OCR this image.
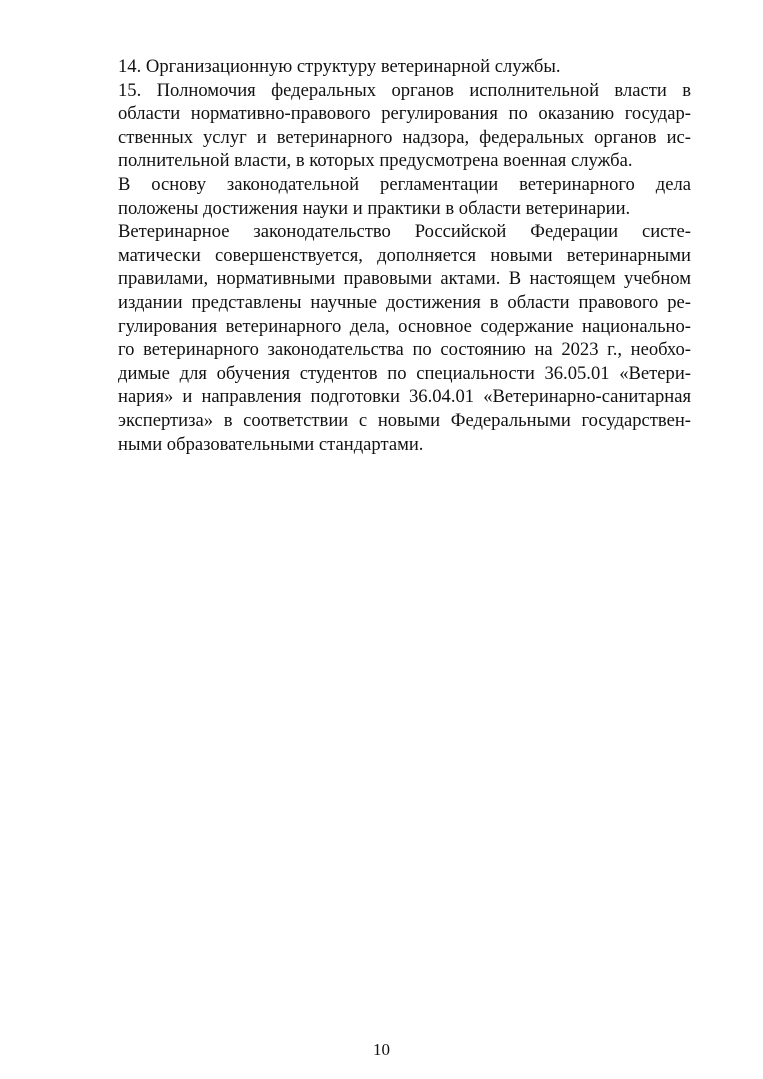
14. Организационную структуру ветеринарной службы.
15. Полномочия федеральных органов исполнительной власти в
области нормативно-правового регулирования по оказанию государ-
ственных услуг и ветеринарного надзора, федеральных органов ис-
полнительной власти, в которых предусмотрена военная служба.
В основу законодательной регламентации ветеринарного дела
положены достижения науки и практики в области ветеринарии.
Ветеринарное законодательство Российской Федерации систе-
матически совершенствуется, дополняется новыми ветеринарными
правилами, нормативными правовыми актами. В настоящем учебном
издании представлены научные достижения в области правового ре-
гулирования ветеринарного дела, основное содержание национально-
го ветеринарного законодательства по состоянию на 2023 г., необхо-
димые для обучения студентов по специальности 36.05.01 «Ветери-
нария» и направления подготовки 36.04.01 «Ветеринарно-санитарная
экспертиза» в соответствии с новыми Федеральными государствен-
ными образовательными стандартами.
10
